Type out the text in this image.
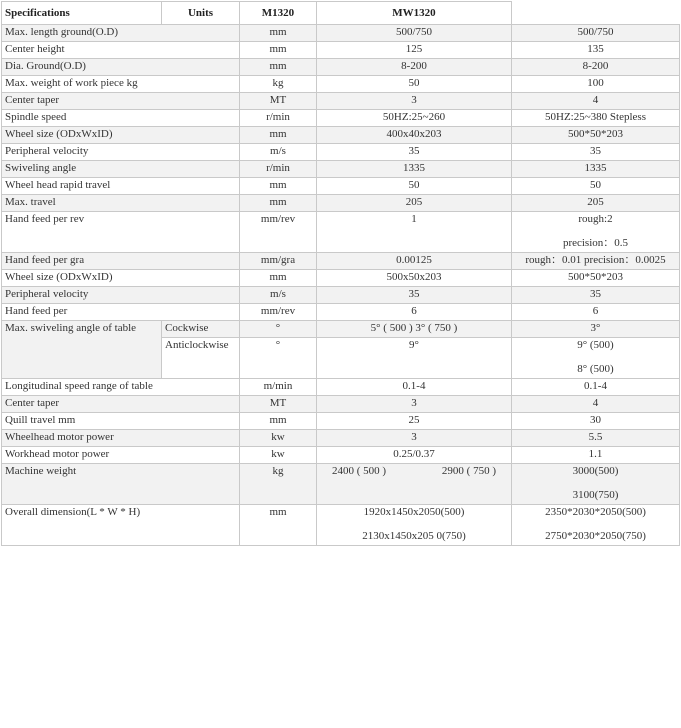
Specifications	Units	M1320	MW1320	
Max. length ground(O.D)		mm	500/750	500/750
Center height		mm	125	135
Dia. Ground(O.D)		mm	8-200	8-200
Max. weight of work piece kg		kg	50	100
Center taper		MT	3	4
Spindle speed		r/min	50HZ:25~260	50HZ:25~380 Stepless
Wheel size (ODxWxID)		mm	400x40x203	500*50*203
Peripheral velocity		m/s	35	35
Swiveling angle		r/min	1335	1335
Wheel head rapid travel		mm	50	50
Max. travel		mm	205	205
Hand feed per rev		mm/rev	1	rough:2
precision：0.5

Hand feed per gra		mm/gra	0.00125	rough：0.01 precision：0.0025
Wheel size (ODxWxID)		mm	500x50x203	500*50*203
Peripheral velocity		m/s	35	35
Hand feed per		mm/rev	6	6
Max. swiveling angle of table	Cockwise	°	5° ( 500 ) 3° ( 750 )	3°
	Anticlockwise	°	9°	9° (500)
8° (500)

Longitudinal speed range of table		m/min	0.1-4	0.1-4
Center taper		MT	3	4
Quill travel mm		mm	25	30
Wheelhead motor power		kw	3	5.5
Workhead motor power		kw	0.25/0.37	1.1
Machine weight		kg	2400 ( 500 ) 2900 ( 750 )	3000(500)
3100(750)

Overall dimension(L * W * H)		mm	1920x1450x2050(500)
2130x1450x205 0(750)	2350*2030*2050(500)
2750*2030*2050(750)
